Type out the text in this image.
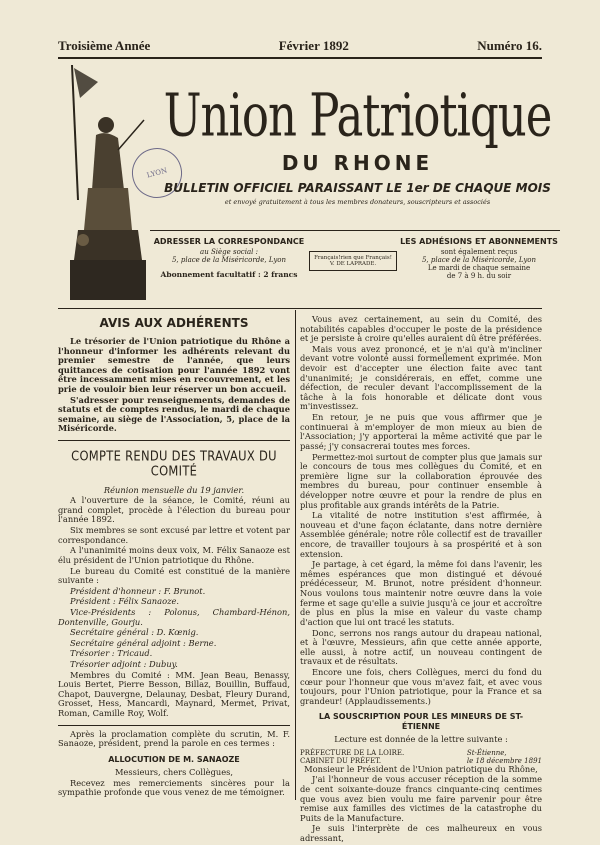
Troisième Année	Février 1892	Numéro 16.
LYON
Union Patriotique
DU RHONE
BULLETIN OFFICIEL PARAISSANT LE 1er DE CHAQUE MOIS
et envoyé gratuitement à tous les membres donateurs, souscripteurs et associés
ADRESSER LA CORRESPONDANCE
au Siège social :
5, place de la Miséricorde, Lyon
Abonnement facultatif : 2 francs
Français!rien que Français!
V. DE LAPRADE.
LES ADHÉSIONS ET ABONNEMENTS
sont également reçus
5, place de la Miséricorde, Lyon
Le mardi de chaque semaine
de 7 à 9 h. du soir
AVIS AUX ADHÉRENTS

Le trésorier de l'Union patriotique du Rhône a l'honneur d'informer les adhérents relevant du premier semestre de l'année, que leurs quittances de cotisation pour l'année 1892 vont être incessamment mises en recouvrement, et les prie de vouloir bien leur réserver un bon accueil.

S'adresser pour renseignements, demandes de statuts et de comptes rendus, le mardi de chaque semaine, au siège de l'Association, 5, place de la Miséricorde.

COMPTE RENDU DES TRAVAUX DU COMITÉ

Réunion mensuelle du 19 janvier.

A l'ouverture de la séance, le Comité, réuni au grand complet, procède à l'élection du bureau pour l'année 1892.

Six membres se sont excusé par lettre et votent par correspondance.

A l'unanimité moins deux voix, M. Félix Sanaoze est élu président de l'Union patriotique du Rhône.

Le bureau du Comité est constitué de la manière suivante :

Président d'honneur : F. Brunot.

Président : Félix Sanaoze.

Vice-Présidents : Polonus, Chambard-Hénon, Dontenville, Gourju.

Secrétaire général : D. Kœnig.

Secrétaire général adjoint : Berne.

Trésorier : Tricaud.

Trésorier adjoint : Dubuy.

Membres du Comité : MM. Jean Beau, Benassy, Louis Bertet, Pierre Besson, Billaz, Bouillin, Buffaud, Chapot, Dauvergne, Delaunay, Desbat, Fleury Durand, Grosset, Hess, Mancardi, Maynard, Mermet, Privat, Roman, Camille Roy, Wolf.

Après la proclamation complète du scrutin, M. F. Sanaoze, président, prend la parole en ces termes :

ALLOCUTION DE M. SANAOZE

Messieurs, chers Collègues,

Recevez mes remerciements sincères pour la sympathie profonde que vous venez de me témoigner.

Vous avez certainement, au sein du Comité, des notabilités capables d'occuper le poste de la présidence et je persiste à croire qu'elles auraient dû être préférées.

Mais vous avez prononcé, et je n'ai qu'à m'incliner devant votre volonté aussi formellement exprimée. Mon devoir est d'accepter une élection faite avec tant d'unanimité; je considérerais, en effet, comme une défection, de reculer devant l'accomplissement de la tâche à la fois honorable et délicate dont vous m'investissez.

En retour, je ne puis que vous affirmer que je continuerai à m'employer de mon mieux au bien de l'Association; j'y apporterai la même activité que par le passé; j'y consacrerai toutes mes forces.

Permettez-moi surtout de compter plus que jamais sur le concours de tous mes collègues du Comité, et en première ligne sur la collaboration éprouvée des membres du bureau, pour continuer ensemble à développer notre œuvre et pour la rendre de plus en plus profitable aux grands intérêts de la Patrie.

La vitalité de notre institution s'est affirmée, à nouveau et d'une façon éclatante, dans notre dernière Assemblée générale; notre rôle collectif est de travailler encore, de travailler toujours à sa prospérité et à son extension.

Je partage, à cet égard, la même foi dans l'avenir, les mêmes espérances que mon distingué et dévoué prédécesseur, M. Brunot, notre président d'honneur. Nous voulons tous maintenir notre œuvre dans la voie ferme et sage qu'elle a suivie jusqu'à ce jour et accroître de plus en plus la mise en valeur du vaste champ d'action que lui ont tracé les statuts.

Donc, serrons nos rangs autour du drapeau national, et à l'œuvre, Messieurs, afin que cette année apporte, elle aussi, à notre actif, un nouveau contingent de travaux et de résultats.

Encore une fois, chers Collègues, merci du fond du cœur pour l'honneur que vous m'avez fait, et avec vous toujours, pour l'Union patriotique, pour la France et sa grandeur! (Applaudissements.)

LA SOUSCRIPTION POUR LES MINEURS DE ST-ÉTIENNE

Lecture est donnée de la lettre suivante :

PRÉFECTURE DE LA LOIRE.
CABINET DU PRÉFET.
St-Étienne,
le 18 décembre 1891

Monsieur le Président de l'Union patriotique du Rhône,

J'ai l'honneur de vous accuser réception de la somme de cent soixante-douze francs cinquante-cinq centimes que vous avez bien voulu me faire parvenir pour être remise aux familles des victimes de la catastrophe du Puits de la Manufacture.

Je suis l'interprète de ces malheureux en vous adressant,
